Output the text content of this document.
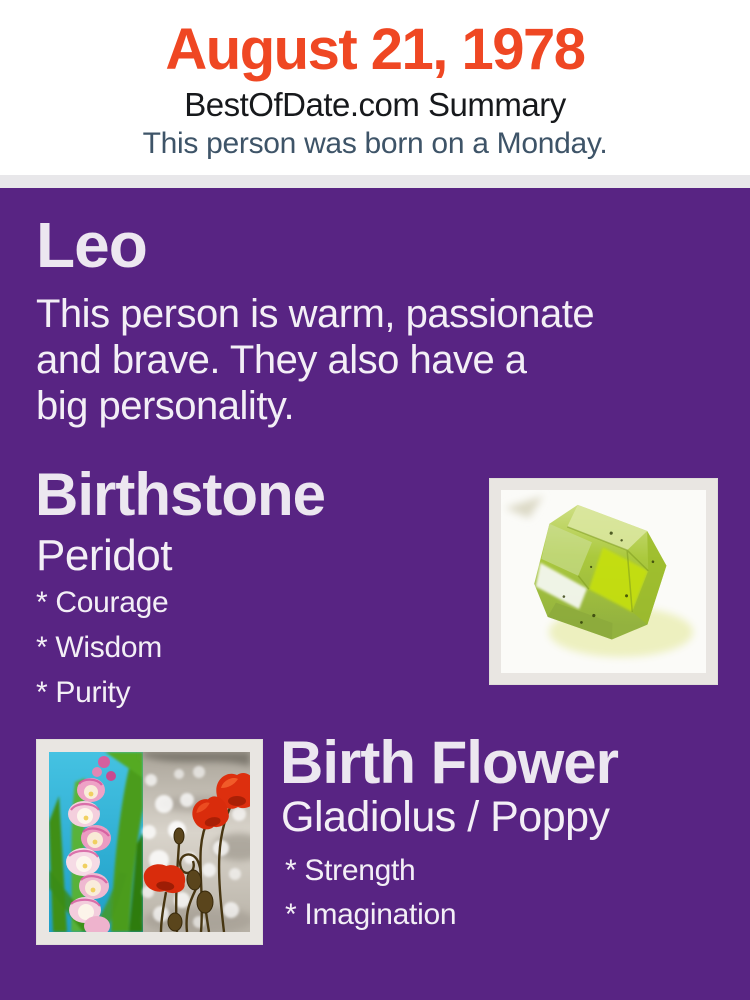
August 21, 1978
BestOfDate.com Summary
This person was born on a Monday.
Leo
This person is warm, passionate
and brave. They also have a
big personality.
Birthstone
Peridot
* Courage
* Wisdom
* Purity
Birth Flower
Gladiolus / Poppy
* Strength
* Imagination
